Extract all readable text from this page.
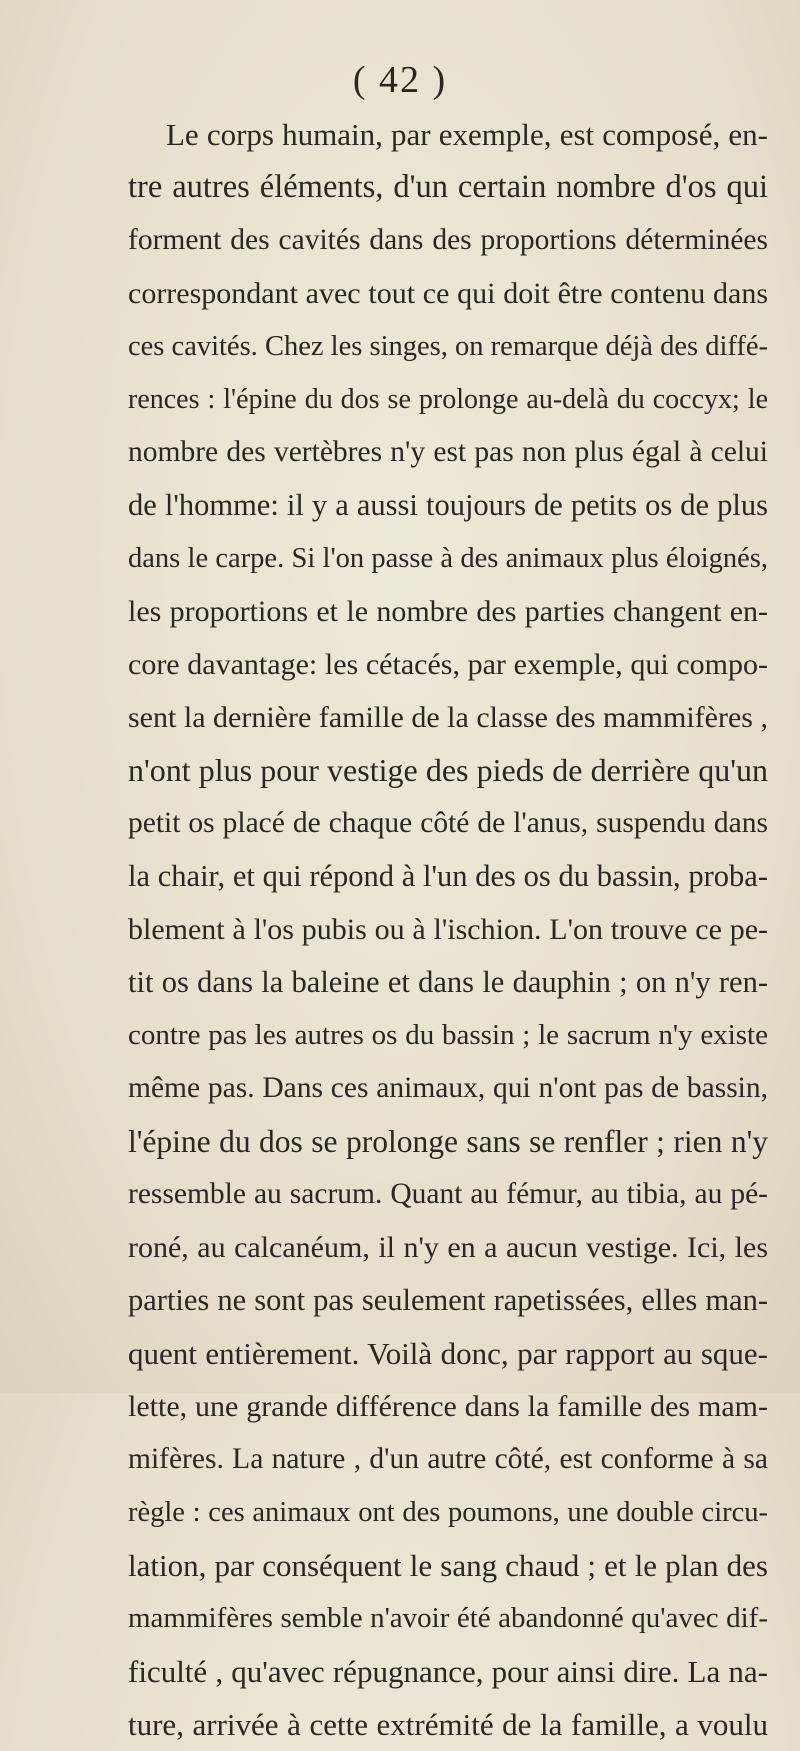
( 42 )
Le corps humain, par exemple, est composé, en-
tre autres éléments, d'un certain nombre d'os qui
forment des cavités dans des proportions déterminées
correspondant avec tout ce qui doit être contenu dans
ces cavités. Chez les singes, on remarque déjà des diffé-
rences : l'épine du dos se prolonge au-delà du coccyx; le
nombre des vertèbres n'y est pas non plus égal à celui
de l'homme: il y a aussi toujours de petits os de plus
dans le carpe. Si l'on passe à des animaux plus éloignés,
les proportions et le nombre des parties changent en-
core davantage: les cétacés, par exemple, qui compo-
sent la dernière famille de la classe des mammifères ,
n'ont plus pour vestige des pieds de derrière qu'un
petit os placé de chaque côté de l'anus, suspendu dans
la chair, et qui répond à l'un des os du bassin, proba-
blement à l'os pubis ou à l'ischion. L'on trouve ce pe-
tit os dans la baleine et dans le dauphin ; on n'y ren-
contre pas les autres os du bassin ; le sacrum n'y existe
même pas. Dans ces animaux, qui n'ont pas de bassin,
l'épine du dos se prolonge sans se renfler ; rien n'y
ressemble au sacrum. Quant au fémur, au tibia, au pé-
roné, au calcanéum, il n'y en a aucun vestige. Ici, les
parties ne sont pas seulement rapetissées, elles man-
quent entièrement. Voilà donc, par rapport au sque-
lette, une grande différence dans la famille des mam-
mifères. La nature , d'un autre côté, est conforme à sa
règle : ces animaux ont des poumons, une double circu-
lation, par conséquent le sang chaud ; et le plan des
mammifères semble n'avoir été abandonné qu'avec dif-
ficulté , qu'avec répugnance, pour ainsi dire. La na-
ture, arrivée à cette extrémité de la famille, a voulu
